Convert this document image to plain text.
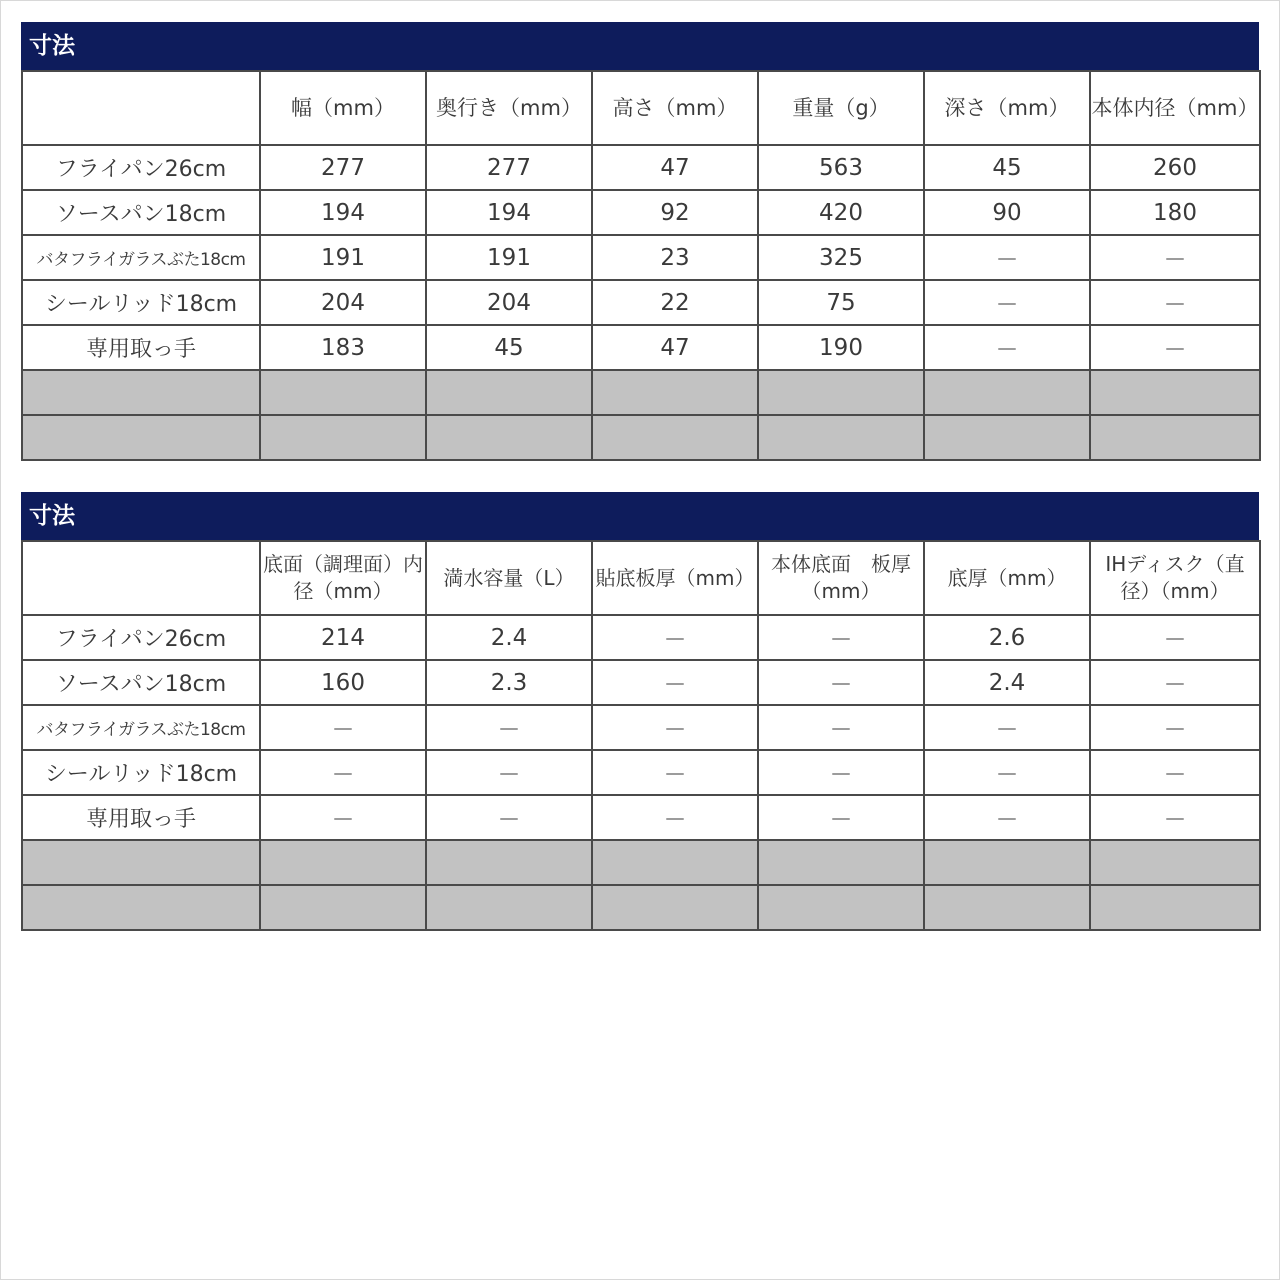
寸法
	幅（mm）	奥行き（mm）	高さ（mm）	重量（g）	深さ（mm）	本体内径（mm）
フライパン26cm	277	277	47	563	45	260
ソースパン18cm	194	194	92	420	90	180
バタフライガラスぶた18cm	191	191	23	325	－	－
シールリッド18cm	204	204	22	75	－	－
専用取っ手	183	45	47	190	－	－

寸法
	底面（調理面）内径（mm）	満水容量（L）	貼底板厚（mm）	本体底面　板厚（mm）	底厚（mm）	IHディスク（直径）（mm）
フライパン26cm	214	2.4	－	－	2.6	－
ソースパン18cm	160	2.3	－	－	2.4	－
バタフライガラスぶた18cm	－	－	－	－	－	－
シールリッド18cm	－	－	－	－	－	－
専用取っ手	－	－	－	－	－	－
